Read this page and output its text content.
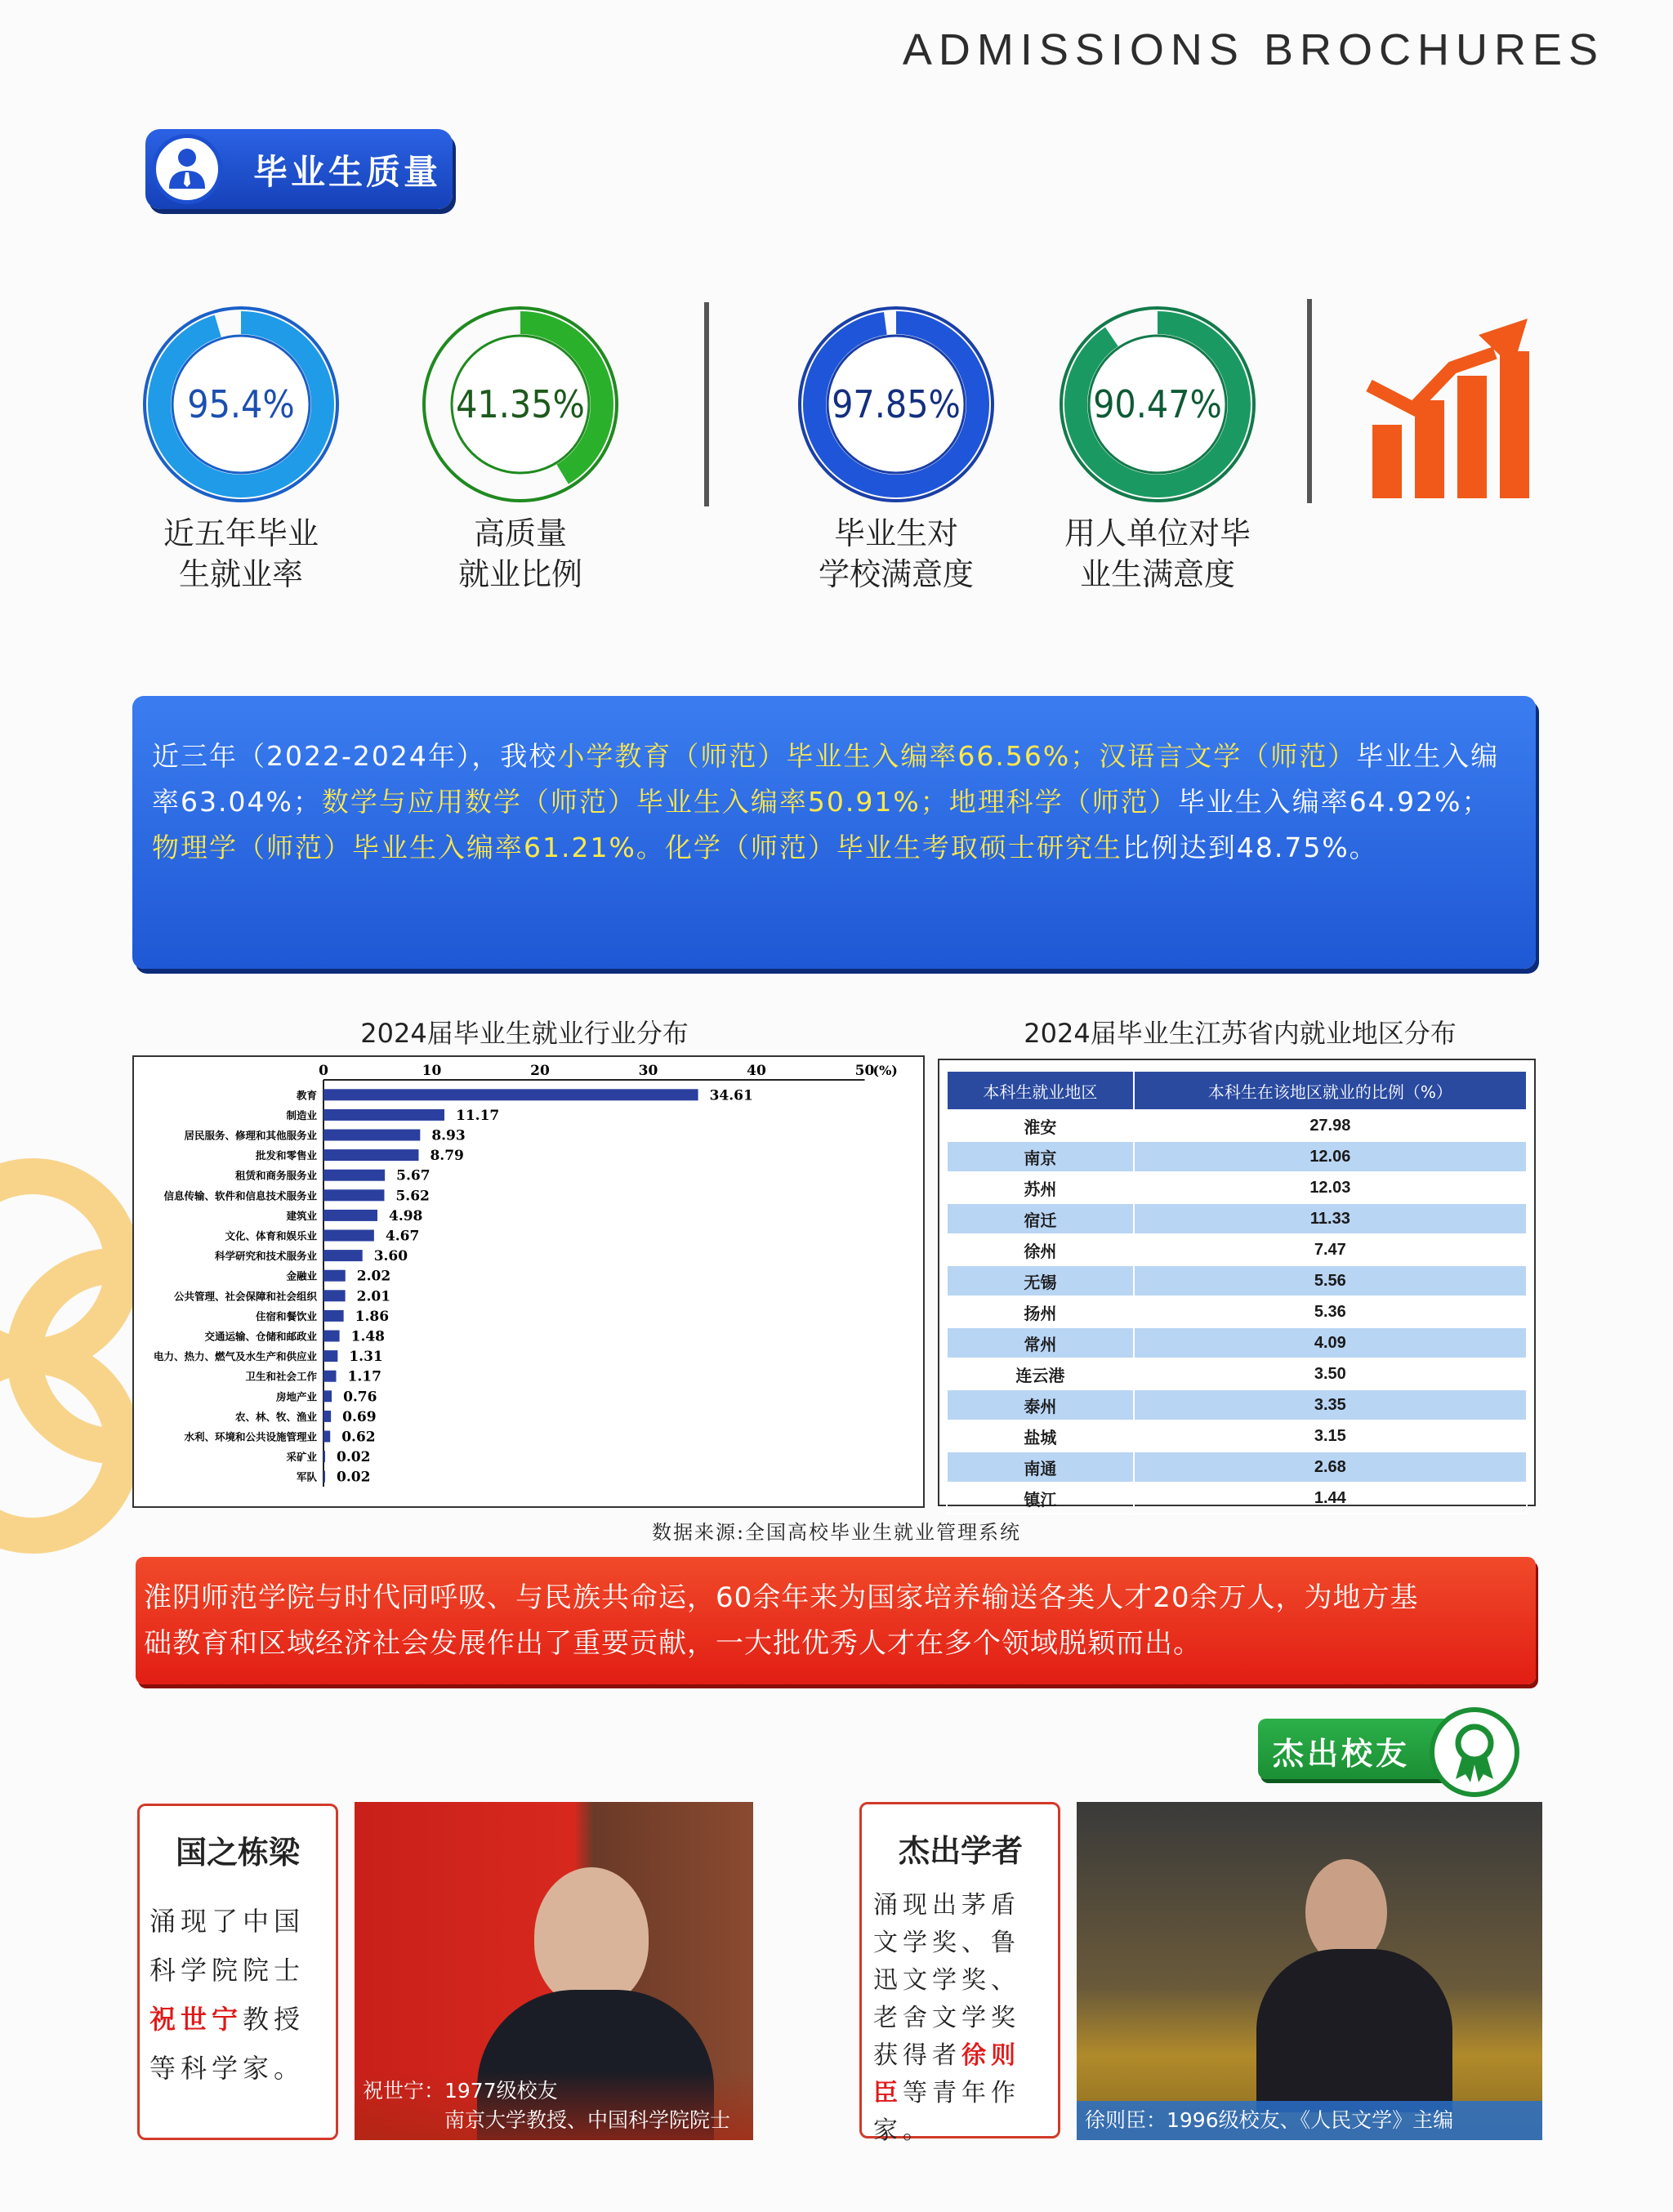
ADMISSIONS BROCHURES
毕业生质量
95.4%
近五年毕业
生就业率
41.35%
高质量
就业比例
97.85%
毕业生对
学校满意度
90.47%
用人单位对毕
业生满意度
近三年（2022-2024年），我校小学教育（师范）毕业生入编率66.56%；汉语言文学（师范）毕业生入编率63.04%；数学与应用数学（师范）毕业生入编率50.91%；地理科学（师范）毕业生入编率64.92%；物理学（师范）毕业生入编率61.21%。化学（师范）毕业生考取硕士研究生比例达到48.75%。
2024届毕业生就业行业分布
0	10	20	30	40	50
(%)
教育	34.61
制造业	11.17
居民服务、修理和其他服务业	8.93
批发和零售业	8.79
租赁和商务服务业	5.67
信息传输、软件和信息技术服务业	5.62
建筑业	4.98
文化、体育和娱乐业	4.67
科学研究和技术服务业	3.60
金融业	2.02
公共管理、社会保障和社会组织	2.01
住宿和餐饮业	1.86
交通运输、仓储和邮政业 1.48
电力、热力、燃气及水生产和供应业 1.31
卫生和社会工作 1.17
房地产业 0.76
农、林、牧、渔业 0.69
水利、环境和公共设施管理业 0.62
采矿业 0.02
军队 0.02
2024届毕业生江苏省内就业地区分布
本科生就业地区	本科生在该地区就业的比例（%）
淮安	27.98
南京	12.06
苏州	12.03
宿迁	11.33
徐州	7.47
无锡	5.56
扬州	5.36
常州	4.09
连云港	3.50
泰州	3.35
盐城	3.15
南通	2.68
镇江	1.44
数据来源:全国高校毕业生就业管理系统
淮阴师范学院与时代同呼吸、与民族共命运，60余年来为国家培养输送各类人才20余万人，为地方基
础教育和区域经济社会发展作出了重要贡献，一大批优秀人才在多个领域脱颖而出。
杰出校友
国之栋梁
涌现了中国科学院院士祝世宁教授等科学家。
祝世宁：1977级校友
南京大学教授、中国科学院院士
杰出学者
涌现出茅盾文学奖、鲁迅文学奖、老舍文学奖获得者徐则臣等青年作家。	徐则臣：1996级校友、《人民文学》主编
